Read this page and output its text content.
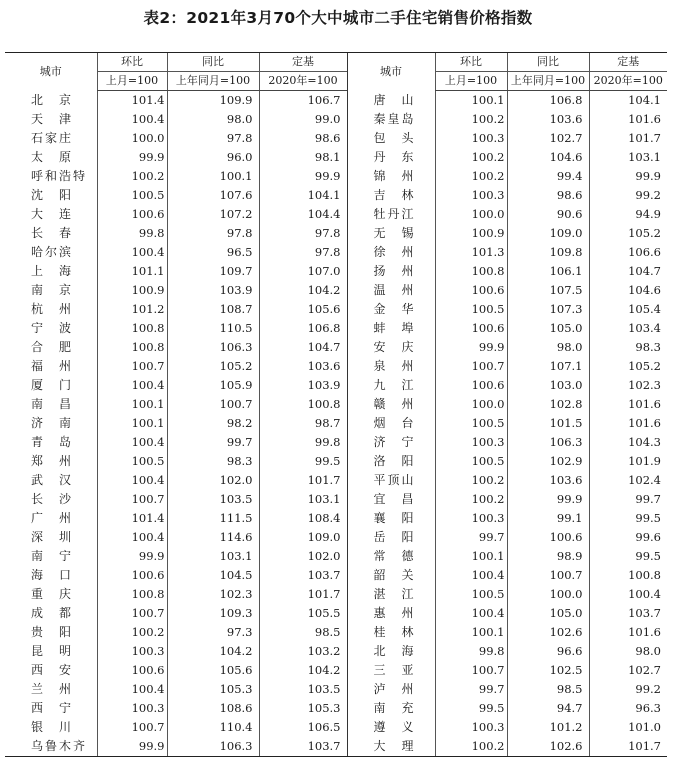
表2：2021年3月70个大中城市二手住宅销售价格指数
城市	环比	同比	定基	城市	环比	同比	定基
	上月=100	上年同月=100	2020年=100		上月=100	上年同月=100	2020年=100
北　京	101.4	109.9	106.7	唐　山	100.1	106.8	104.1
天　津	100.4	98.0	99.0	秦皇岛	100.2	103.6	101.6
石家庄	100.0	97.8	98.6	包　头	100.3	102.7	101.7
太　原	99.9	96.0	98.1	丹　东	100.2	104.6	103.1
呼和浩特	100.2	100.1	99.9	锦　州	100.2	99.4	99.9
沈　阳	100.5	107.6	104.1	吉　林	100.3	98.6	99.2
大　连	100.6	107.2	104.4	牡丹江	100.0	90.6	94.9
长　春	99.8	97.8	97.8	无　锡	100.9	109.0	105.2
哈尔滨	100.4	96.5	97.8	徐　州	101.3	109.8	106.6
上　海	101.1	109.7	107.0	扬　州	100.8	106.1	104.7
南　京	100.9	103.9	104.2	温　州	100.6	107.5	104.6
杭　州	101.2	108.7	105.6	金　华	100.5	107.3	105.4
宁　波	100.8	110.5	106.8	蚌　埠	100.6	105.0	103.4
合　肥	100.8	106.3	104.7	安　庆	99.9	98.0	98.3
福　州	100.7	105.2	103.6	泉　州	100.7	107.1	105.2
厦　门	100.4	105.9	103.9	九　江	100.6	103.0	102.3
南　昌	100.1	100.7	100.8	赣　州	100.0	102.8	101.6
济　南	100.1	98.2	98.7	烟　台	100.5	101.5	101.6
青　岛	100.4	99.7	99.8	济　宁	100.3	106.3	104.3
郑　州	100.5	98.3	99.5	洛　阳	100.5	102.9	101.9
武　汉	100.4	102.0	101.7	平顶山	100.2	103.6	102.4
长　沙	100.7	103.5	103.1	宜　昌	100.2	99.9	99.7
广　州	101.4	111.5	108.4	襄　阳	100.3	99.1	99.5
深　圳	100.4	114.6	109.0	岳　阳	99.7	100.6	99.6
南　宁	99.9	103.1	102.0	常　德	100.1	98.9	99.5
海　口	100.6	104.5	103.7	韶　关	100.4	100.7	100.8
重　庆	100.8	102.3	101.7	湛　江	100.5	100.0	100.4
成　都	100.7	109.3	105.5	惠　州	100.4	105.0	103.7
贵　阳	100.2	97.3	98.5	桂　林	100.1	102.6	101.6
昆　明	100.3	104.2	103.2	北　海	99.8	96.6	98.0
西　安	100.6	105.6	104.2	三　亚	100.7	102.5	102.7
兰　州	100.4	105.3	103.5	泸　州	99.7	98.5	99.2
西　宁	100.3	108.6	105.3	南　充	99.5	94.7	96.3
银　川	100.7	110.4	106.5	遵　义	100.3	101.2	101.0
乌鲁木齐	99.9	106.3	103.7	大　理	100.2	102.6	101.7
